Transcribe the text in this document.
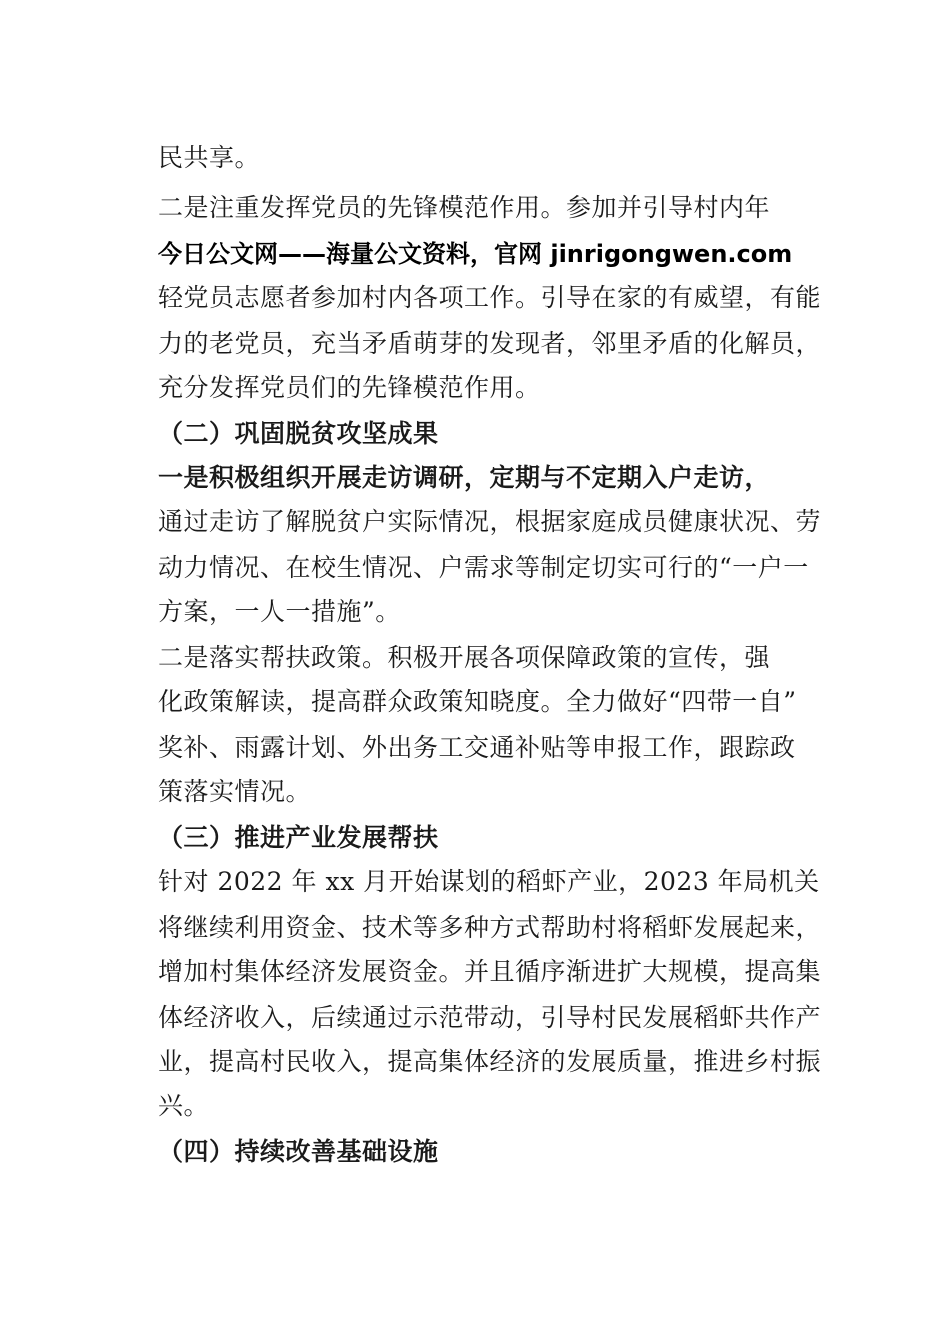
民共享。
二是注重发挥党员的先锋模范作用。参加并引导村内年
今日公文网——海量公文资料，官网 jinrigongwen.com
轻党员志愿者参加村内各项工作。引导在家的有威望，有能
力的老党员，充当矛盾萌芽的发现者，邻里矛盾的化解员，
充分发挥党员们的先锋模范作用。
（二）巩固脱贫攻坚成果
一是积极组织开展走访调研，定期与不定期入户走访，
通过走访了解脱贫户实际情况，根据家庭成员健康状况、劳
动力情况、在校生情况、户需求等制定切实可行的“一户一
方案，一人一措施”。
二是落实帮扶政策。积极开展各项保障政策的宣传，强
化政策解读，提高群众政策知晓度。全力做好“四带一自”
奖补、雨露计划、外出务工交通补贴等申报工作，跟踪政
策落实情况。
（三）推进产业发展帮扶
针对 2022 年 xx 月开始谋划的稻虾产业，2023 年局机关
将继续利用资金、技术等多种方式帮助村将稻虾发展起来，
增加村集体经济发展资金。并且循序渐进扩大规模，提高集
体经济收入，后续通过示范带动，引导村民发展稻虾共作产
业，提高村民收入，提高集体经济的发展质量，推进乡村振
兴。
（四）持续改善基础设施
